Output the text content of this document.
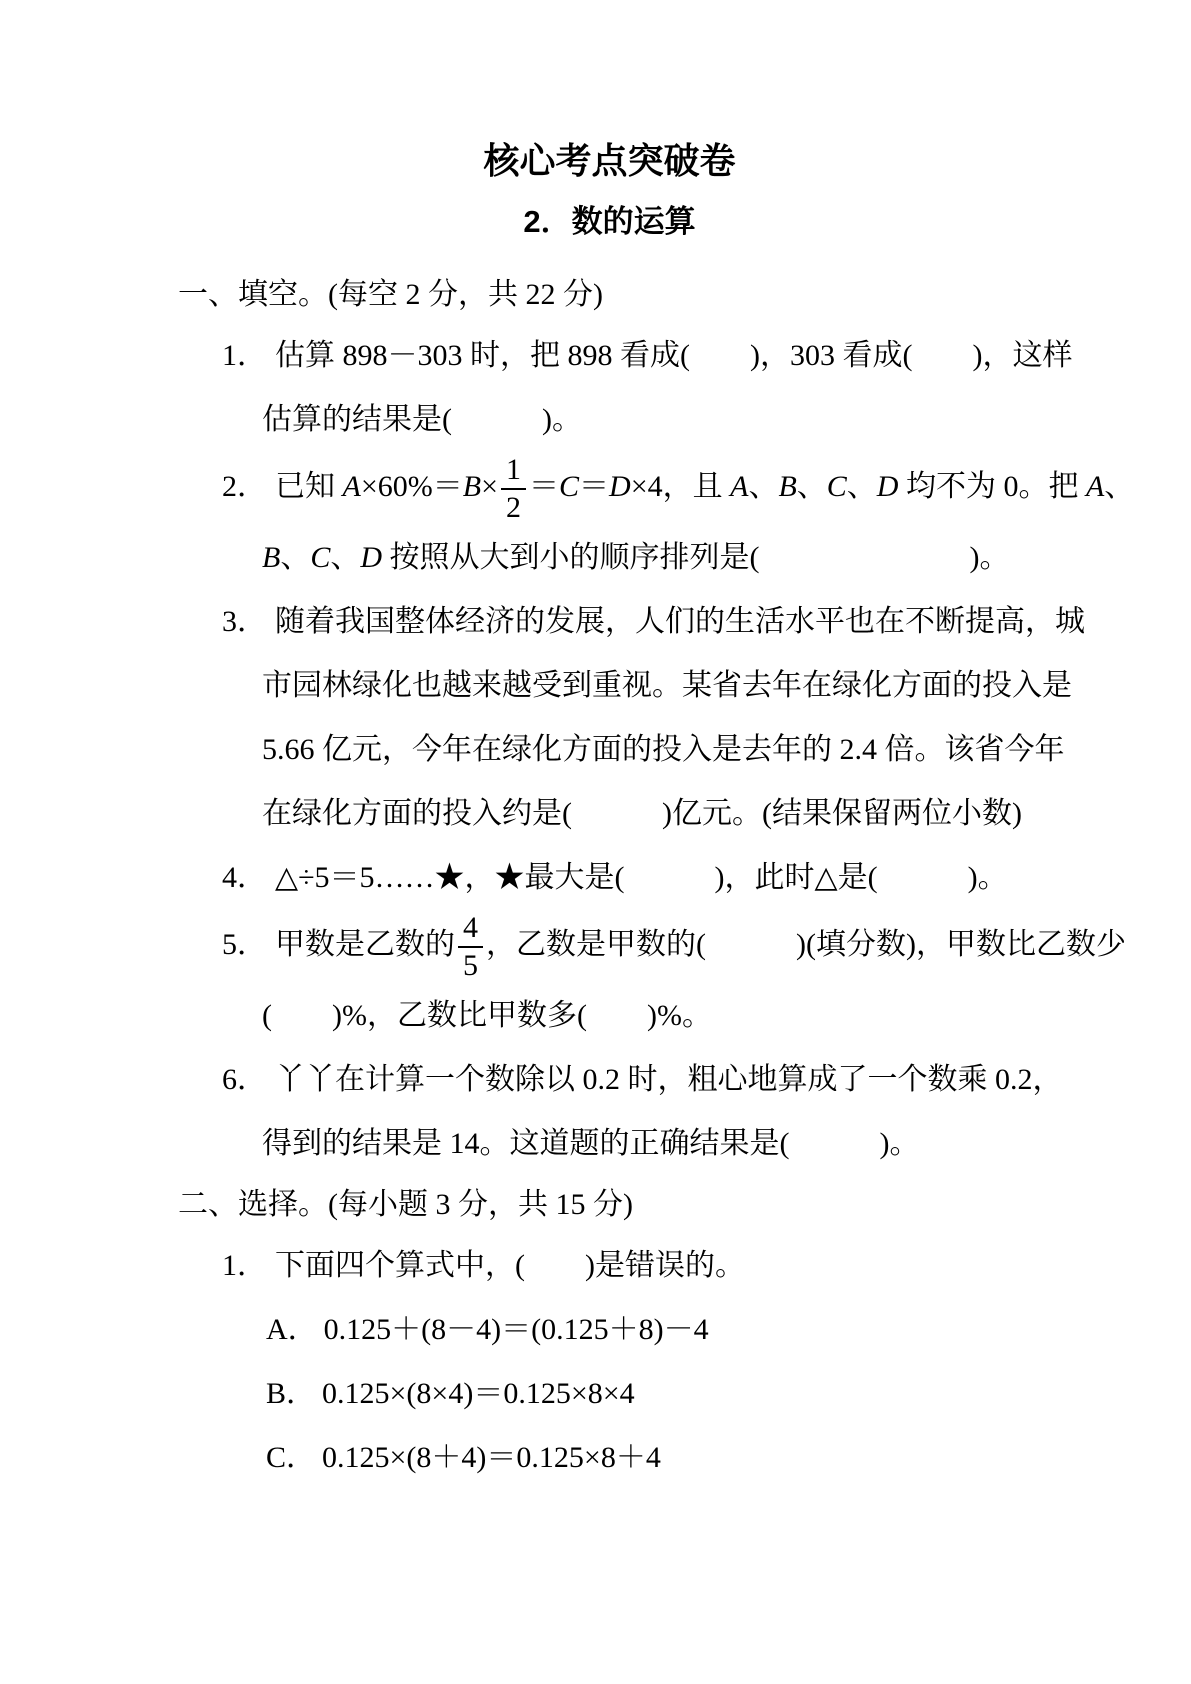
核心考点突破卷
2．数的运算
一、填空。(每空 2 分，共 22 分)
1． 估算 898－303 时，把 898 看成(　　)，303 看成(　　)，这样
估算的结果是(　　　)。
2． 已知 $A\times 60\%=B\times \frac{1}{2} =C=D\times 4$，且 A、B、C、D 均不为 0。把 A、
B、C、D 按照从大到小的顺序排列是(　　　　　　　)。
3． 随着我国整体经济的发展，人们的生活水平也在不断提高，城
市园林绿化也越来越受到重视。某省去年在绿化方面的投入是
5.66 亿元，今年在绿化方面的投入是去年的 2.4 倍。该省今年
在绿化方面的投入约是(　　　)亿元。(结果保留两位小数)
4． △÷5＝5……★，★最大是(　　　)，此时△是(　　　)。
5． 甲数是乙数的 $\frac{4}{5}$ ，乙数是甲数的(　　　)(填分数)，甲数比乙数少
(　　)%，乙数比甲数多(　　)%。
6． 丫丫在计算一个数除以 0.2 时，粗心地算成了一个数乘 0.2，
得到的结果是 14。这道题的正确结果是(　　　)。
二、选择。(每小题 3 分，共 15 分)
1． 下面四个算式中，(　　)是错误的。
A． 0.125＋(8－4)＝(0.125＋8)－4
B． 0.125×(8×4)＝0.125×8×4
C． 0.125×(8＋4)＝0.125×8＋4
